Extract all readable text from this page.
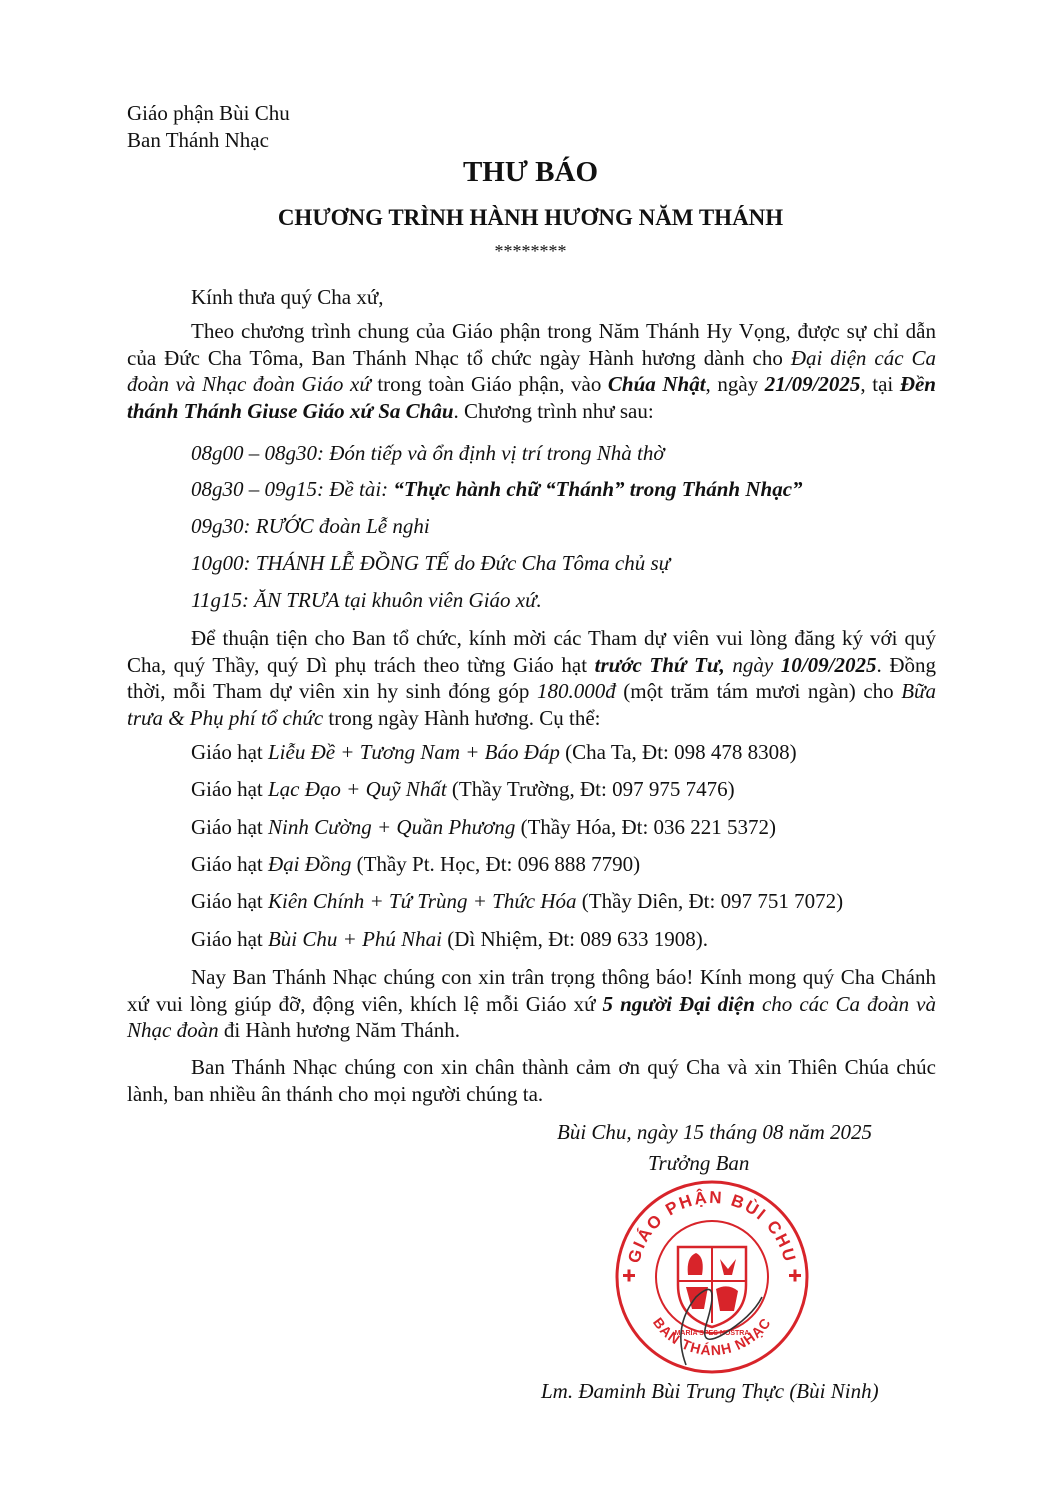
Giáo phận Bùi Chu
Ban Thánh Nhạc
THƯ BÁO
CHƯƠNG TRÌNH HÀNH HƯƠNG NĂM THÁNH
********
Kính thưa quý Cha xứ,
Theo chương trình chung của Giáo phận trong Năm Thánh Hy Vọng, được sự chỉ dẫn của Đức Cha Tôma, Ban Thánh Nhạc tổ chức ngày Hành hương dành cho Đại diện các Ca đoàn và Nhạc đoàn Giáo xứ trong toàn Giáo phận, vào Chúa Nhật, ngày 21/09/2025, tại Đền thánh Thánh Giuse Giáo xứ Sa Châu. Chương trình như sau:
08g00 – 08g30: Đón tiếp và ổn định vị trí trong Nhà thờ
08g30 – 09g15: Đề tài: “Thực hành chữ “Thánh” trong Thánh Nhạc”
09g30: RƯỚC đoàn Lễ nghi
10g00: THÁNH LỄ ĐỒNG TẾ do Đức Cha Tôma chủ sự
11g15: ĂN TRƯA tại khuôn viên Giáo xứ.
Để thuận tiện cho Ban tổ chức, kính mời các Tham dự viên vui lòng đăng ký với quý Cha, quý Thầy, quý Dì phụ trách theo từng Giáo hạt trước Thứ Tư, ngày 10/09/2025. Đồng thời, mỗi Tham dự viên xin hy sinh đóng góp 180.000đ (một trăm tám mươi ngàn) cho Bữa trưa & Phụ phí tổ chức trong ngày Hành hương. Cụ thể:
Giáo hạt Liễu Đề + Tương Nam + Báo Đáp (Cha Ta, Đt: 098 478 8308)
Giáo hạt Lạc Đạo + Quỹ Nhất (Thầy Trường, Đt: 097 975 7476)
Giáo hạt Ninh Cường + Quần Phương (Thầy Hóa, Đt: 036 221 5372)
Giáo hạt Đại Đồng (Thầy Pt. Học, Đt: 096 888 7790)
Giáo hạt Kiên Chính + Tứ Trùng + Thức Hóa (Thầy Diên, Đt: 097 751 7072)
Giáo hạt Bùi Chu + Phú Nhai (Dì Nhiệm, Đt: 089 633 1908).
Nay Ban Thánh Nhạc chúng con xin trân trọng thông báo! Kính mong quý Cha Chánh xứ vui lòng giúp đỡ, động viên, khích lệ mỗi Giáo xứ 5 người Đại diện cho các Ca đoàn và Nhạc đoàn đi Hành hương Năm Thánh.
Ban Thánh Nhạc chúng con xin chân thành cảm ơn quý Cha và xin Thiên Chúa chúc lành, ban nhiều ân thánh cho mọi người chúng ta.
Bùi Chu, ngày 15 tháng 08 năm 2025
Trưởng Ban
GIÁO PHẬN BÙI CHU
BAN THÁNH NHẠC
MARIA SPES NOSTRA
Lm. Đaminh Bùi Trung Thực (Bùi Ninh)
